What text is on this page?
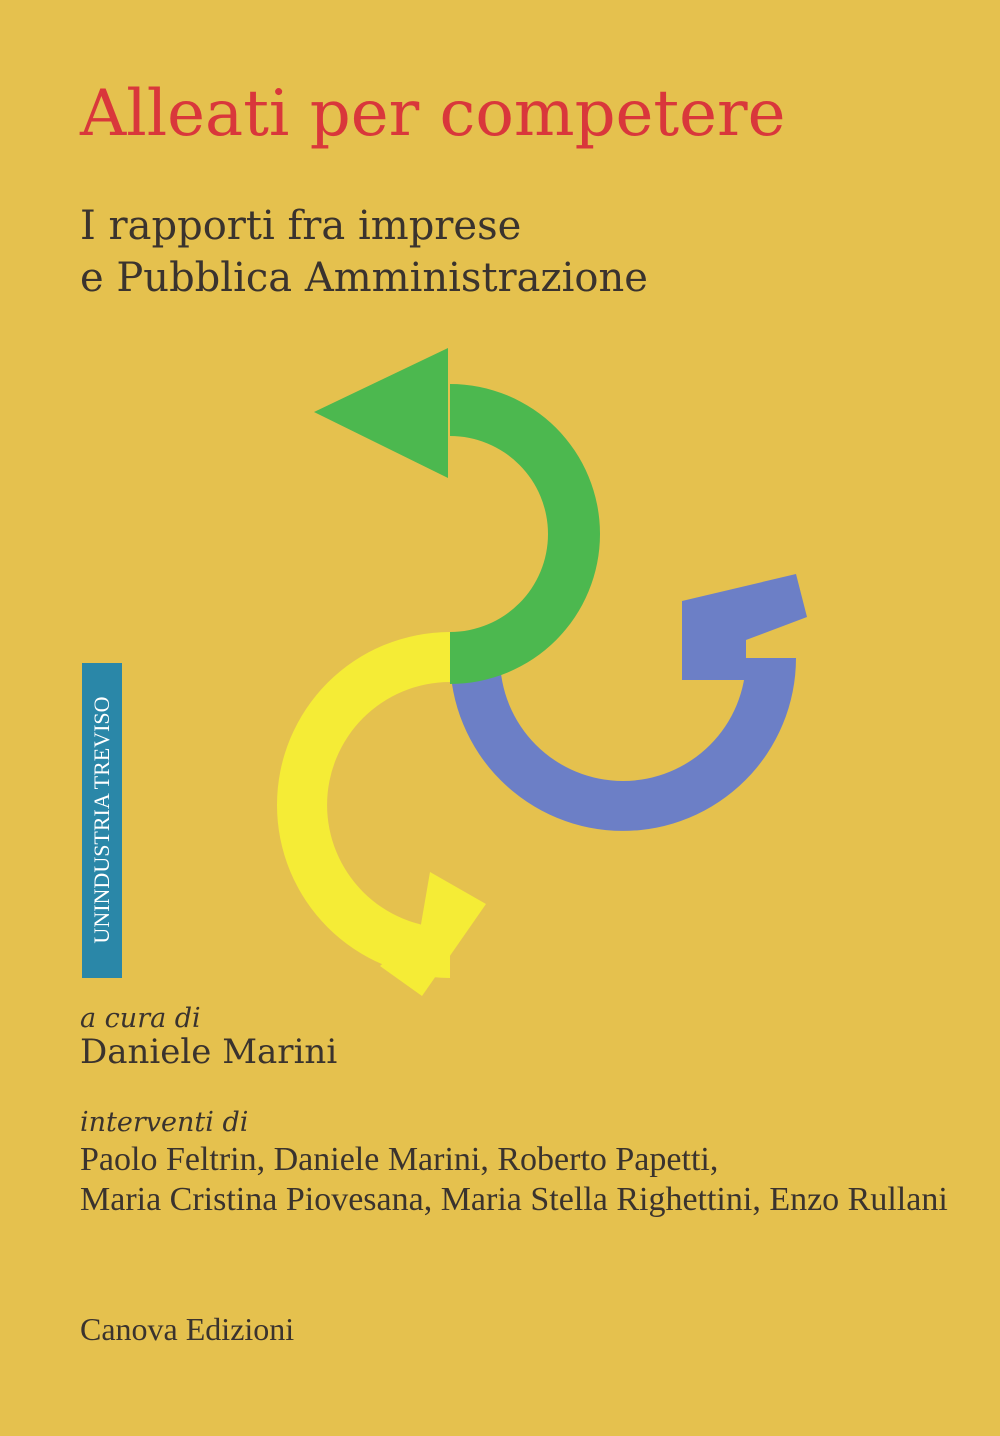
Alleati per competere
I rapporti fra imprese
e Pubblica Amministrazione
UNINDUSTRIA TREVISO
a cura di
Daniele Marini
interventi di
Paolo Feltrin, Daniele Marini, Roberto Papetti,
Maria Cristina Piovesana, Maria Stella Righettini, Enzo Rullani
Canova Edizioni
